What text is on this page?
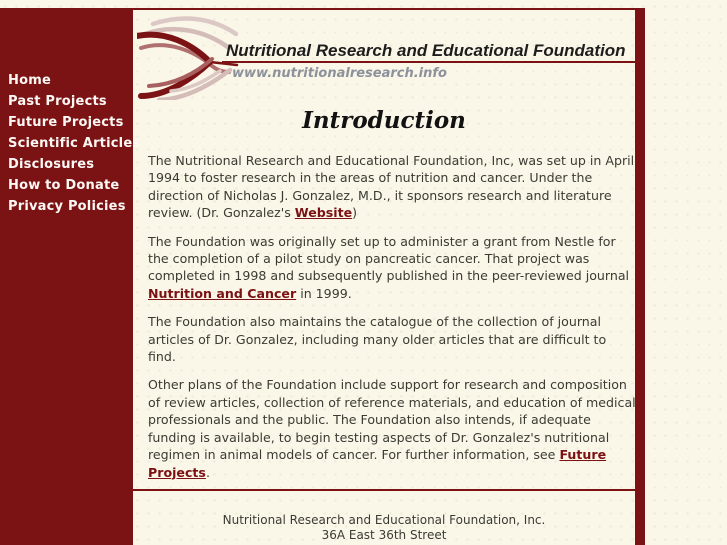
Home
Past Projects
Future Projects
Scientific Articles
Disclosures
How to Donate
Privacy Policies
Nutritional Research and Educational Foundation
www.nutritionalresearch.info
Introduction

The Nutritional Research and Educational Foundation, Inc, was set up in April 1994 to foster research in the areas of nutrition and cancer. Under the direction of Nicholas J. Gonzalez, M.D., it sponsors research and literature review. (Dr. Gonzalez's Website)

The Foundation was originally set up to administer a grant from Nestle for the completion of a pilot study on pancreatic cancer. That project was completed in 1998 and subsequently published in the peer-reviewed journal Nutrition and Cancer in 1999.

The Foundation also maintains the catalogue of the collection of journal articles of Dr. Gonzalez, including many older articles that are difficult to find.

Other plans of the Foundation include support for research and composition of review articles, collection of reference materials, and education of medical professionals and the public. The Foundation also intends, if adequate funding is available, to begin testing aspects of Dr. Gonzalez's nutritional regimen in animal models of cancer. For further information, see Future Projects.

Nutritional Research and Educational Foundation, Inc.
36A East 36th Street
